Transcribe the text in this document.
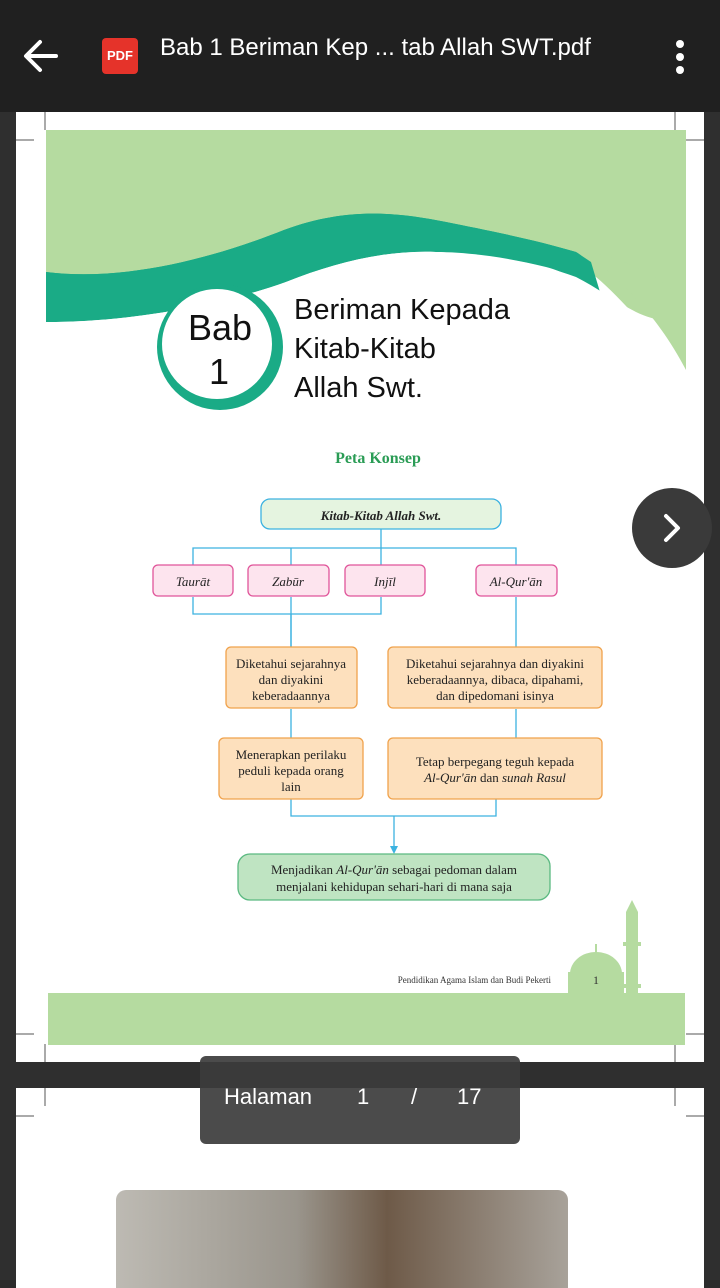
PDF Bab 1 Beriman Kep ... tab Allah SWT.pdf
Bab
1
Beriman Kepada
Kitab-Kitab
Allah Swt.
Peta Konsep
Kitab-Kitab Allah Swt.
Taurāt	Zabūr	Injīl	Al-Qur'ān
Diketahui sejarahnya
dan diyakini
keberadaannya
Diketahui sejarahnya dan diyakini
keberadaannya, dibaca, dipahami,
dan dipedomani isinya
Menerapkan perilaku
peduli kepada orang
lain
Tetap berpegang teguh kepada
Al-Qur'ān dan sunah Rasul
Menjadikan Al-Qur'ān sebagai pedoman dalam
menjalani kehidupan sehari-hari di mana saja
Pendidikan Agama Islam dan Budi Pekerti	1
Halaman 1 / 17
